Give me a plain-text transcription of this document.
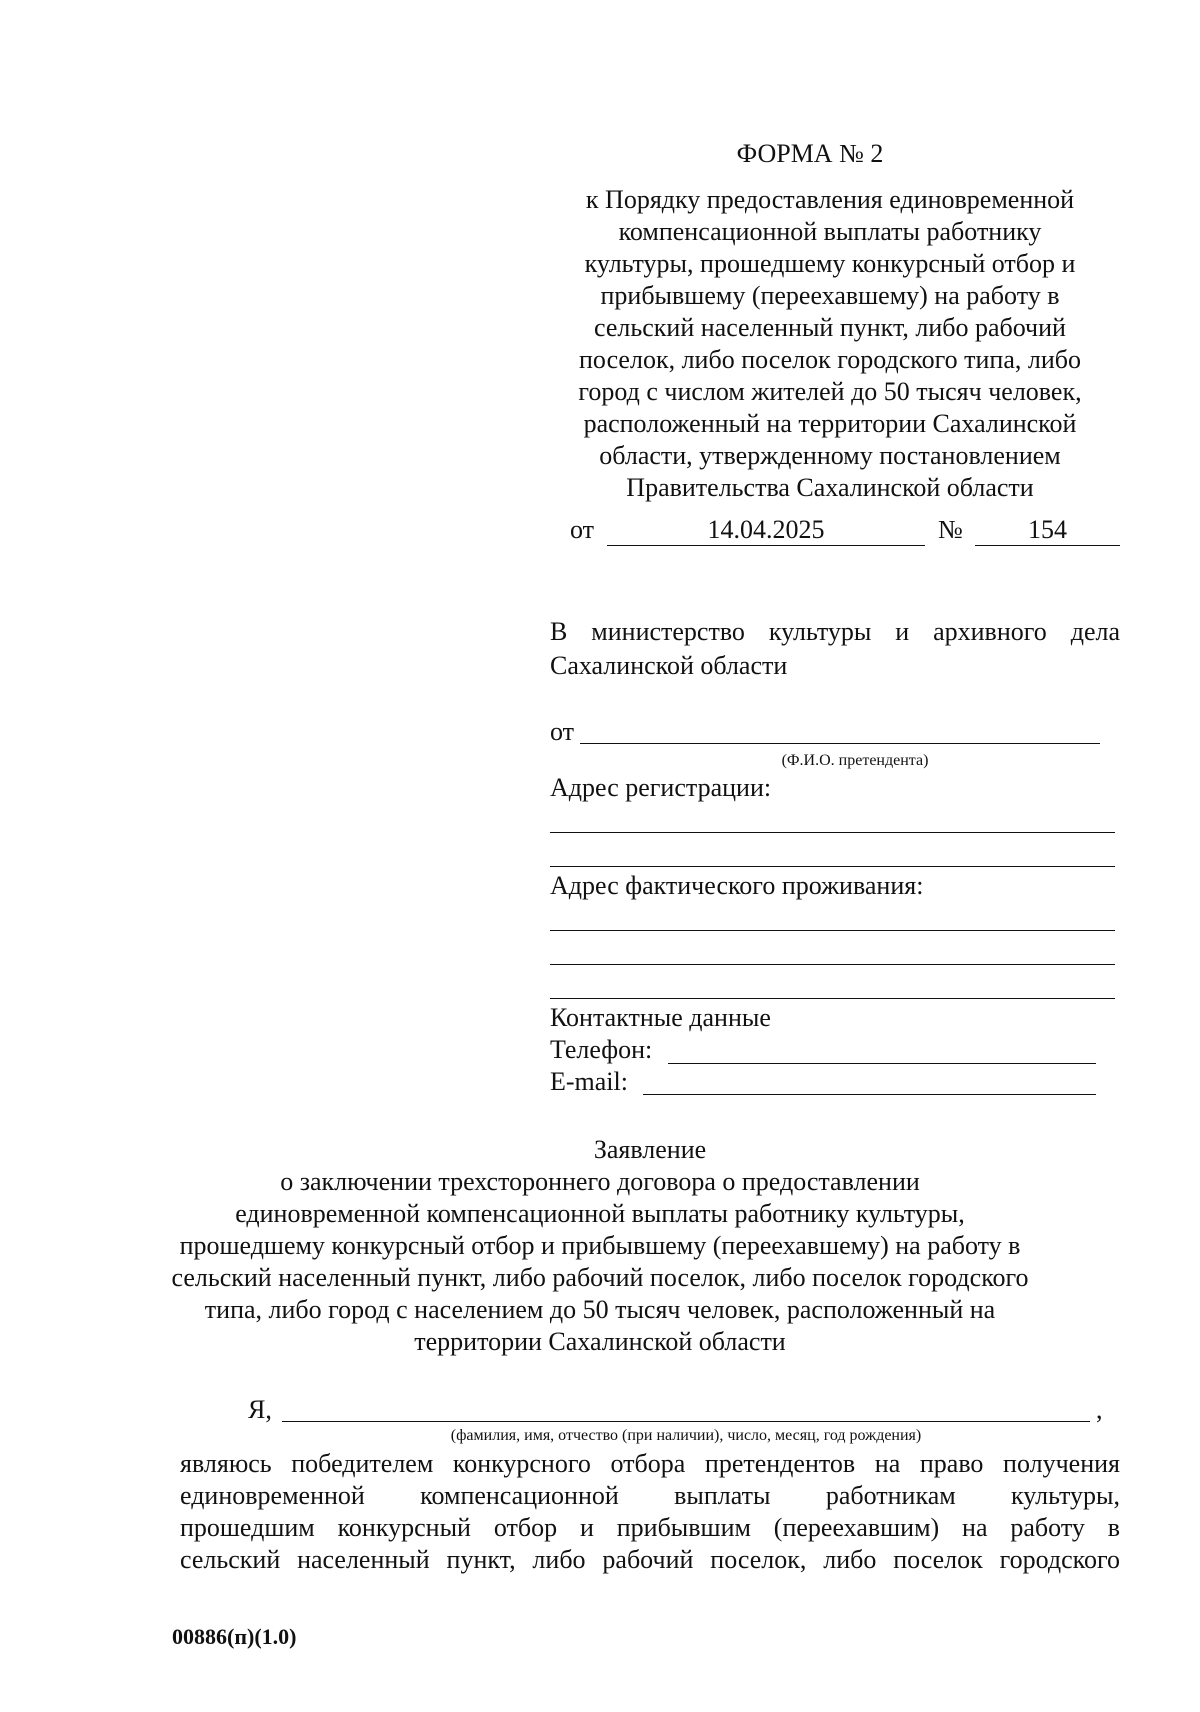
ФОРМА № 2
к Порядку предоставления единовременной
компенсационной выплаты работнику
культуры, прошедшему конкурсный отбор и
прибывшему (переехавшему) на работу в
сельский населенный пункт, либо рабочий
поселок, либо поселок городского типа, либо
город с числом жителей до 50 тысяч человек,
расположенный на территории Сахалинской
области, утвержденному постановлением
Правительства Сахалинской области
от	14.04.2025	№	154
В министерство культуры и архивного дела
Сахалинской области
от
(Ф.И.О. претендента)
Адрес регистрации:
Адрес фактического проживания:
Контактные данные
Телефон:
E-mail:
Заявление
о заключении трехстороннего договора о предоставлении
единовременной компенсационной выплаты работнику культуры,
прошедшему конкурсный отбор и прибывшему (переехавшему) на работу в
сельский населенный пункт, либо рабочий поселок, либо поселок городского
типа, либо город с населением до 50 тысяч человек, расположенный на
территории Сахалинской области
Я,	,
(фамилия, имя, отчество (при наличии), число, месяц, год рождения)
являюсь победителем конкурсного отбора претендентов на право получения
единовременной компенсационной выплаты работникам культуры,
прошедшим конкурсный отбор и прибывшим (переехавшим) на работу в
сельский населенный пункт, либо рабочий поселок, либо поселок городского
00886(п)(1.0)
